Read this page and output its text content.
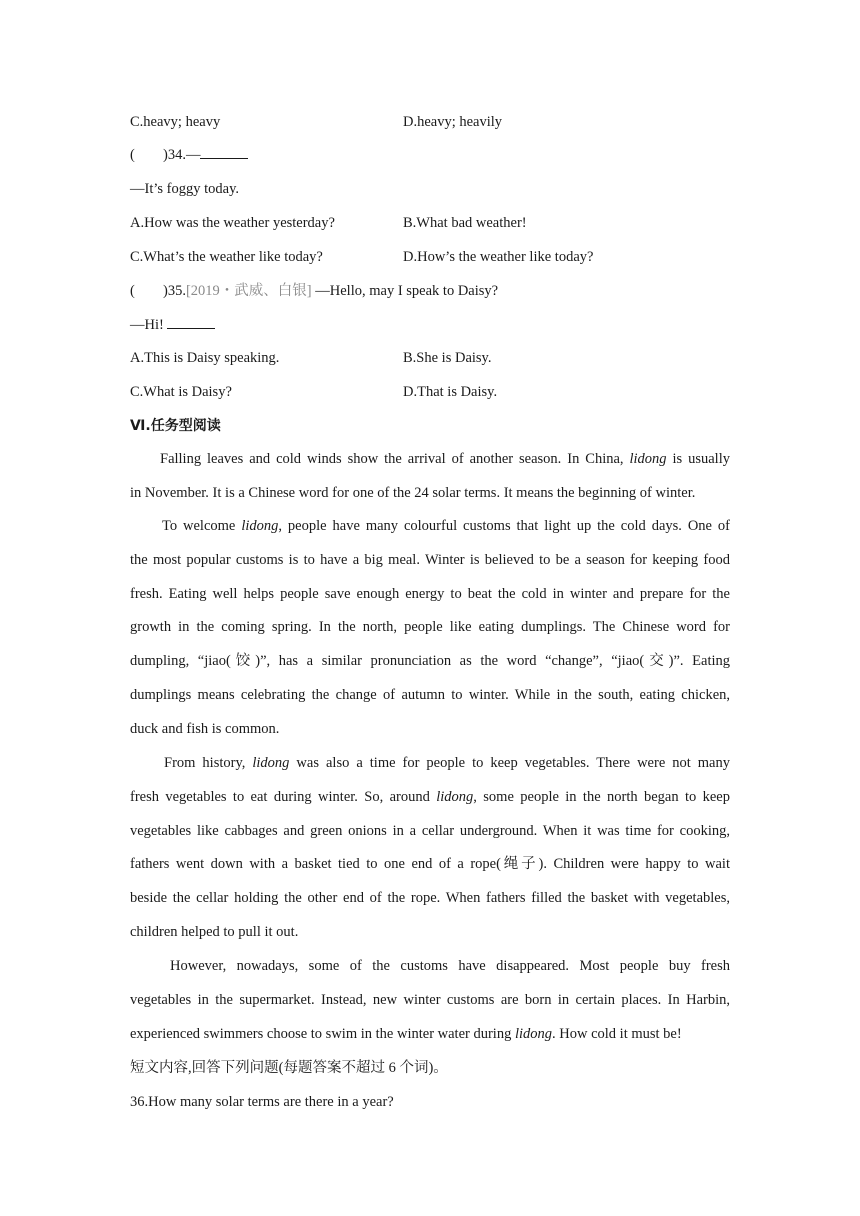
C.heavy; heavy	D.heavy; heavily
( )34.—
—It’s foggy today.
A.How was the weather yesterday?	B.What bad weather!
C.What’s the weather like today?	D.How’s the weather like today?
( )35.[2019・武威、白银] —Hello, may I speak to Daisy?
—Hi!
A.This is Daisy speaking.	B.She is Daisy.
C.What is Daisy?	D.That is Daisy.
Ⅵ.任务型阅读
Falling leaves and cold winds show the arrival of another season. In China, lidong is usually
in November. It is a Chinese word for one of the 24 solar terms. It means the beginning of winter.
To welcome lidong, people have many colourful customs that light up the cold days. One of
the most popular customs is to have a big meal. Winter is believed to be a season for keeping food
fresh. Eating well helps people save enough energy to beat the cold in winter and prepare for the
growth in the coming spring. In the north, people like eating dumplings. The Chinese word for
dumpling, “jiao(饺)”, has a similar pronunciation as the word “change”, “jiao(交)”. Eating
dumplings means celebrating the change of autumn to winter. While in the south, eating chicken,
duck and fish is common.
From history, lidong was also a time for people to keep vegetables. There were not many
fresh vegetables to eat during winter. So, around lidong, some people in the north began to keep
vegetables like cabbages and green onions in a cellar underground. When it was time for cooking,
fathers went down with a basket tied to one end of a rope(绳子). Children were happy to wait
beside the cellar holding the other end of the rope. When fathers filled the basket with vegetables,
children helped to pull it out.
However, nowadays, some of the customs have disappeared. Most people buy fresh
vegetables in the supermarket. Instead, new winter customs are born in certain places. In Harbin,
experienced swimmers choose to swim in the winter water during lidong. How cold it must be!
短文内容,回答下列问题(每题答案不超过 6 个词)。
36.How many solar terms are there in a year?
